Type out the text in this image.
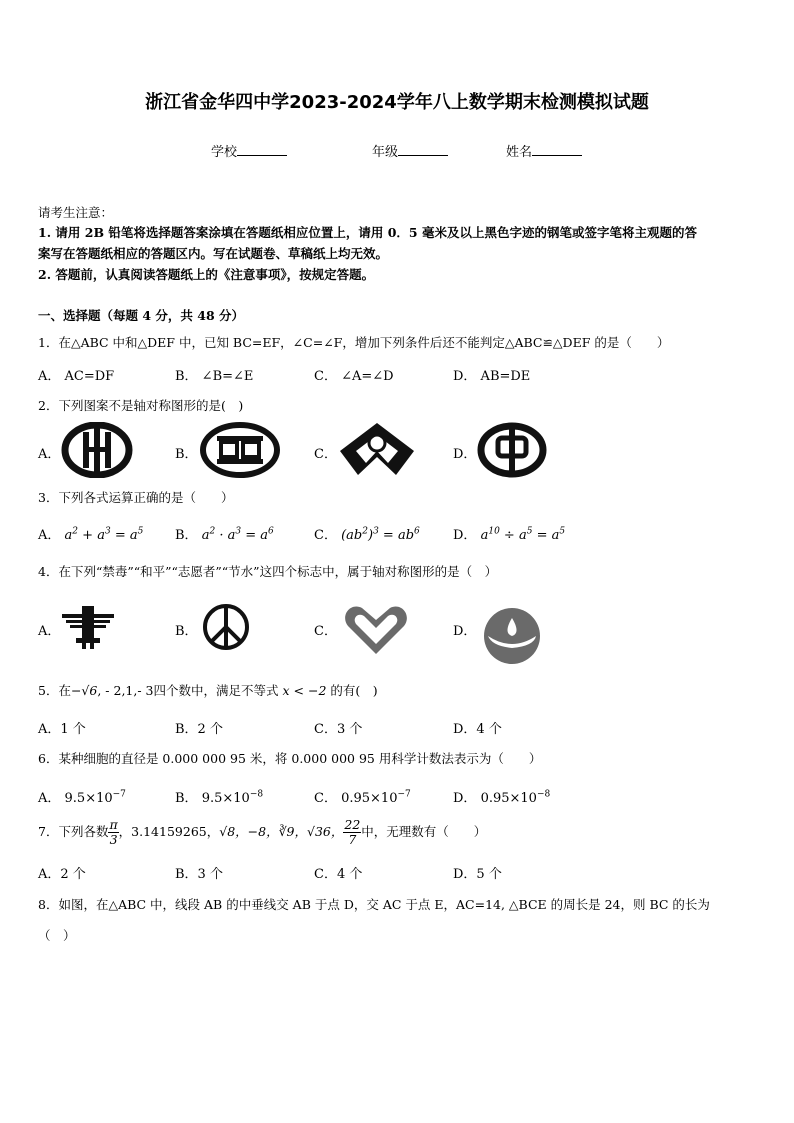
浙江省金华四中学2023-2024学年八上数学期末检测模拟试题
学校	年级	姓名
请考生注意：
1. 请用 2B 铅笔将选择题答案涂填在答题纸相应位置上，请用 0．5 毫米及以上黑色字迹的钢笔或签字笔将主观题的答
案写在答题纸相应的答题区内。写在试题卷、草稿纸上均无效。
2. 答题前，认真阅读答题纸上的《注意事项》，按规定答题。
一、选择题（每题 4 分，共 48 分）
1．在△ABC 中和△DEF 中，已知 BC=EF，∠C=∠F，增加下列条件后还不能判定△ABC≌△DEF 的是（　　）
A． AC=DF	B． ∠B=∠E	C． ∠A=∠D	D． AB=DE
2．下列图案不是轴对称图形的是(　)
A．	B．	C．	D．
3．下列各式运算正确的是（　　）
A． $a^2 + a^3 = a^5$ B． $a^2 \cdot a^3 = a^6$	C． $(ab^2)^3 = ab^6$	D． $a^{10} \div a^5 = a^5$
4．在下列“禁毒”“和平”“志愿者”“节水”这四个标志中，属于轴对称图形的是（　）
A．	B．	C．	D．
5．在−√6, - 2,1,- 3四个数中，满足不等式 x < −2 的有(　)
A．1 个	B．2 个	C．3 个	D．4 个
6．某种细胞的直径是 0.000 000 95 米，将 0.000 000 95 用科学计数法表示为（　　）
A． $9.5\times 10^{-7}$	B． $9.5\times 10^{-8}$	C． $0.95\times 10^{-7}$	D． $0.95\times 10^{-8}$
7．下列各数 $\frac{\pi}{3}$ ，3.14159265，√8，−8，∛9，√36， $\frac{22}{7}$ 中，无理数有（　　）
A．2 个	B．3 个	C．4 个	D．5 个
8．如图，在△ABC 中，线段 AB 的中垂线交 AB 于点 D，交 AC 于点 E，AC=14, △BCE 的周长是 24，则 BC 的长为
（　）
